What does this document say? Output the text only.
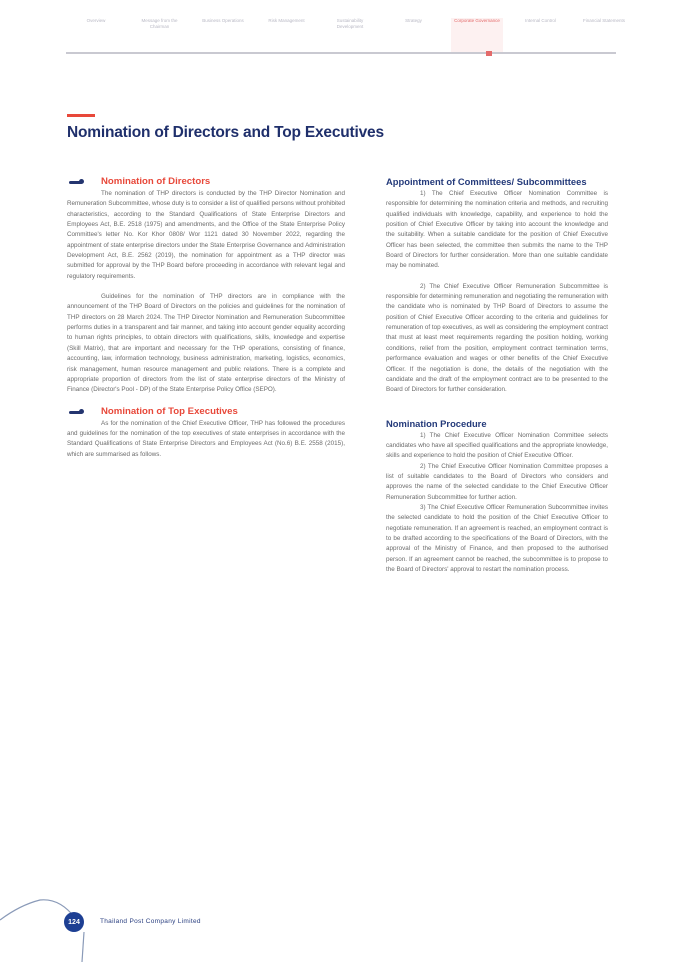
Overview	Message from the Chairman
Business Operations	Risk Management	Sustainability Development
Strategy	Corporate Governance	Internal Control	Financial Statements
Nomination of Directors and Top Executives
Nomination of Directors

The nomination of THP directors is conducted by the THP Director Nomination and Remuneration Subcommittee, whose duty is to consider a list of qualified persons without prohibited characteristics, according to the Standard Qualifications of State Enterprise Directors and Employees Act, B.E. 2518 (1975) and amendments, and the Office of the State Enterprise Policy Committee's letter No. Kor Khor 0808/ Wor 1121 dated 30 November 2022, regarding the appointment of state enterprise directors under the State Enterprise Governance and Administration Development Act, B.E. 2562 (2019), the nomination for appointment as a THP director was submitted for approval by the THP Board before proceeding in accordance with relevant legal and regulatory requirements.

Guidelines for the nomination of THP directors are in compliance with the announcement of the THP Board of Directors on the policies and guidelines for the nomination of THP directors on 28 March 2024. The THP Director Nomination and Remuneration Subcommittee performs duties in a transparent and fair manner, and taking into account gender equality according to human rights principles, to obtain directors with qualifications, skills, knowledge and expertise (Skill Matrix), that are important and necessary for the THP operations, consisting of finance, accounting, law, information technology, business administration, marketing, logistics, economics, risk management, human resource management and public relations. There is a complete and appropriate proportion of directors from the list of state enterprise directors of the Ministry of Finance (Director's Pool - DP) of the State Enterprise Policy Office (SEPO).

Nomination of Top Executives

As for the nomination of the Chief Executive Officer, THP has followed the procedures and guidelines for the nomination of the top executives of state enterprises in accordance with the Standard Qualifications of State Enterprise Directors and Employees Act (No.6) B.E. 2558 (2015), which are summarised as follows.

Appointment of Committees/ Subcommittees

1) The Chief Executive Officer Nomination Committee is responsible for determining the nomination criteria and methods, and recruiting qualified individuals with knowledge, capability, and experience to hold the position of Chief Executive Officer by taking into account the knowledge and the suitability. When a suitable candidate for the position of Chief Executive Officer has been selected, the committee then submits the name to the THP Board of Directors for further consideration. More than one suitable candidate may be nominated.

2) The Chief Executive Officer Remuneration Subcommittee is responsible for determining remuneration and negotiating the remuneration with the candidate who is nominated by THP Board of Directors to assume the position of Chief Executive Officer according to the criteria and guidelines for remuneration of top executives, as well as considering the employment contract that must at least meet requirements regarding the position holding, working conditions, relief from the position, employment contract termination terms, performance evaluation and wages or other benefits of the Chief Executive Officer. If the negotiation is done, the details of the negotiation with the candidate and the draft of the employment contract are to be presented to the Board of Directors for further consideration.

Nomination Procedure

1) The Chief Executive Officer Nomination Committee selects candidates who have all specified qualifications and the appropriate knowledge, skills and experience to hold the position of Chief Executive Officer.

2) The Chief Executive Officer Nomination Committee proposes a list of suitable candidates to the Board of Directors who considers and approves the name of the selected candidate to the Chief Executive Officer Remuneration Subcommittee for further action.

3) The Chief Executive Officer Remuneration Subcommittee invites the selected candidate to hold the position of the Chief Executive Officer to negotiate remuneration. If an agreement is reached, an employment contract is to be drafted according to the specifications of the Board of Directors, with the approval of the Ministry of Finance, and then proposed to the authorised person. If an agreement cannot be reached, the subcommittee is to propose to the Board of Directors' approval to restart the nomination process.

124	Thailand Post Company Limited
